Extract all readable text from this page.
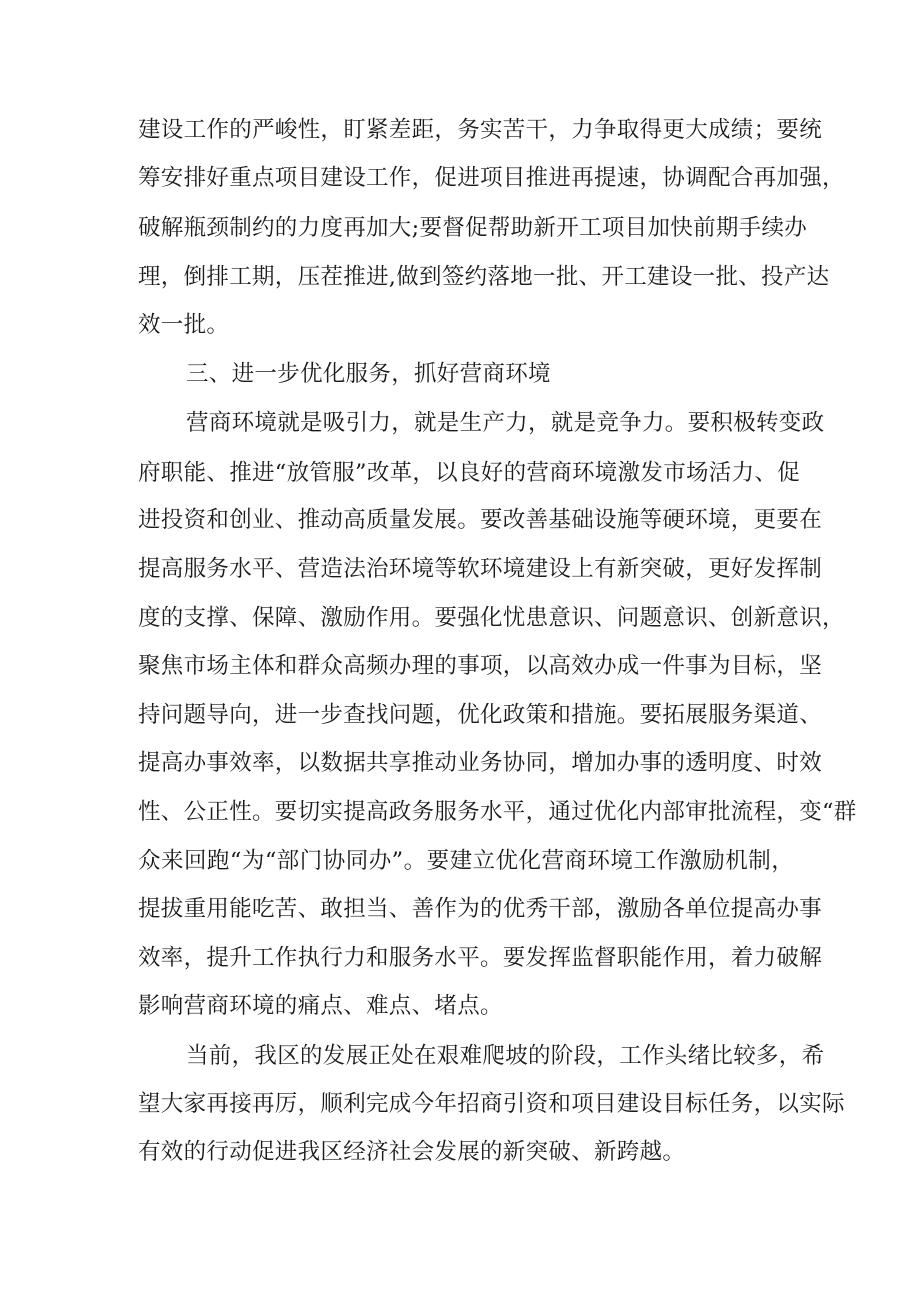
建设工作的严峻性，盯紧差距，务实苦干，力争取得更大成绩；要统
筹安排好重点项目建设工作，促进项目推进再提速，协调配合再加强，
破解瓶颈制约的力度再加大;要督促帮助新开工项目加快前期手续办
理，倒排工期，压茬推进,做到签约落地一批、开工建设一批、投产达
效一批。
三、进一步优化服务，抓好营商环境
营商环境就是吸引力，就是生产力，就是竞争力。要积极转变政
府职能、推进“放管服”改革，以良好的营商环境激发市场活力、促
进投资和创业、推动高质量发展。要改善基础设施等硬环境，更要在
提高服务水平、营造法治环境等软环境建设上有新突破，更好发挥制
度的支撑、保障、激励作用。要强化忧患意识、问题意识、创新意识，
聚焦市场主体和群众高频办理的事项，以高效办成一件事为目标，坚
持问题导向，进一步查找问题，优化政策和措施。要拓展服务渠道、
提高办事效率，以数据共享推动业务协同，增加办事的透明度、时效
性、公正性。要切实提高政务服务水平，通过优化内部审批流程，变“群
众来回跑“为“部门协同办”。要建立优化营商环境工作激励机制，
提拔重用能吃苦、敢担当、善作为的优秀干部，激励各单位提高办事
效率，提升工作执行力和服务水平。要发挥监督职能作用，着力破解
影响营商环境的痛点、难点、堵点。
当前，我区的发展正处在艰难爬坡的阶段，工作头绪比较多，希
望大家再接再厉，顺利完成今年招商引资和项目建设目标任务，以实际
有效的行动促进我区经济社会发展的新突破、新跨越。
